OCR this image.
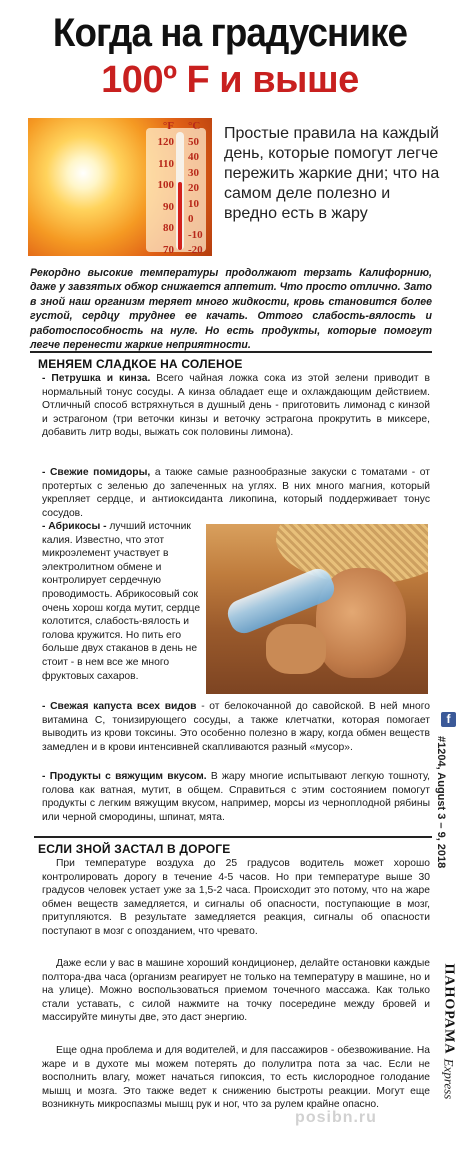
Когда на градуснике
100º F и выше
°F °C
120
110
100
90
80
70
50
40
30
20
10
0
-10
-20
Простые правила на каждый день, которые помогут легче пережить жаркие дни; что на самом деле полезно и вредно есть в жару

Рекордно высокие температуры продолжают терзать Калифорнию, даже у завзятых обжор снижается аппетит. Что просто отлично. Зато в зной наш организм теряет много жидкости, кровь становится более густой, сердцу труднее ее качать. Оттого слабость-вялость и работоспособность на нуле. Но есть продукты, которые помогут легче перенести жаркие неприятности.

МЕНЯЕМ СЛАДКОЕ НА СОЛЕНОЕ

- Петрушка и кинза. Всего чайная ложка сока из этой зелени приводит в нормальный тонус сосуды. А кинза обладает еще и охлаждающим действием. Отличный способ встряхнуться в душный день - приготовить лимонад с кинзой и эстрагоном (три веточки кинзы и веточку эстрагона прокрутить в миксере, добавить литр воды, выжать сок половины лимона).

- Свежие помидоры, а также самые разнообразные закуски с томатами - от протертых с зеленью до запеченных на углях. В них много магния, который укрепляет сердце, и антиоксиданта ликопина, который поддерживает тонус сосудов.

- Абрикосы - лучший источник калия. Известно, что этот микроэлемент участвует в электролитном обмене и контролирует сердечную проводимость. Абрикосовый сок очень хорош когда мутит, сердце колотится, слабость-вялость и голова кружится. Но пить его больше двух стаканов в день не стоит - в нем все же много фруктовых сахаров.

- Свежая капуста всех видов - от белокочанной до савойской. В ней много витамина С, тонизирующего сосуды, а также клетчатки, которая помогает выводить из крови токсины. Это особенно полезно в жару, когда обмен веществ замедлен и в крови интенсивней скапливаются разный «мусор».

- Продукты с вяжущим вкусом. В жару многие испытывают легкую тошноту, голова как ватная, мутит, в общем. Справиться с этим состоянием помогут продукты с легким вяжущим вкусом, например, морсы из черноплодной рябины или черной смородины, шпинат, мята.

ЕСЛИ ЗНОЙ ЗАСТАЛ В ДОРОГЕ

При температуре воздуха до 25 градусов водитель может хорошо контролировать дорогу в течение 4-5 часов. Но при температуре выше 30 градусов человек устает уже за 1,5-2 часа. Происходит это потому, что на жаре обмен веществ замедляется, и сигналы об опасности, поступающие в мозг, притупляются. В результате замедляется реакция, сигналы об опасности поступают в мозг с опозданием, что чревато.

Даже если у вас в машине хороший кондиционер, делайте остановки каждые полтора-два часа (организм реагирует не только на температуру в машине, но и на улице). Можно воспользоваться приемом точечного массажа. Как только стали уставать, с силой нажмите на точку посередине между бровей и массируйте минуты две, это даст энергию.

Еще одна проблема и для водителей, и для пассажиров - обезвоживание. На жаре и в духоте мы можем потерять до полулитра пота за час. Если не восполнить влагу, может начаться гипоксия, то есть кислородное голодание мышц и мозга. Это также ведет к снижению быстроты реакции. Могут еще возникнуть микроспазмы мышц рук и ног, что за рулем крайне опасно.

f
#1204, August 3 – 9, 2018
ПАНОРАМА
Express
posibn.ru
